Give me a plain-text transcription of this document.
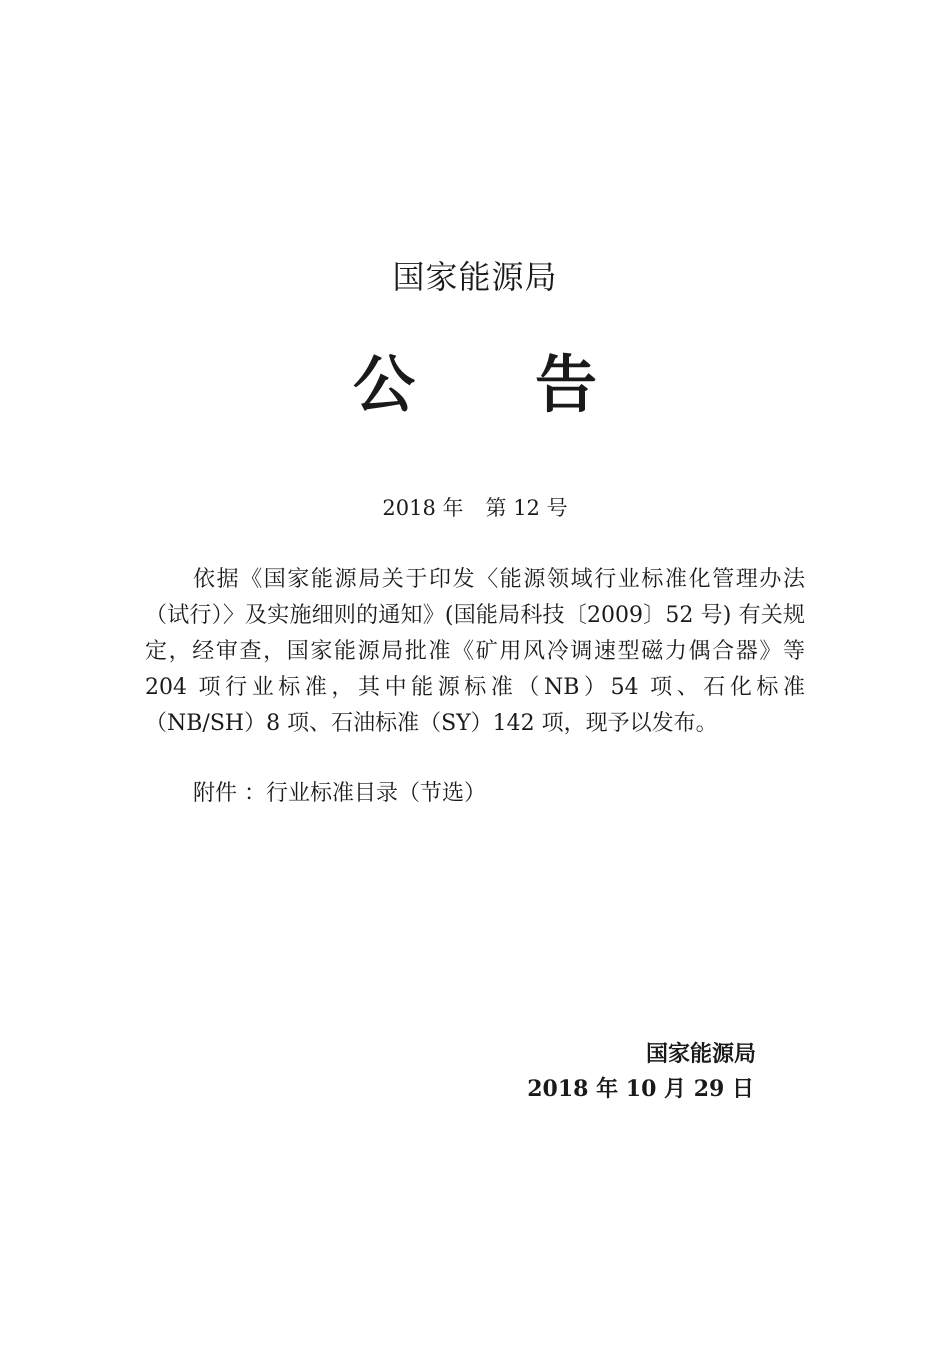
国家能源局
公告
2018 年 第 12 号

依据《国家能源局关于印发〈能源领域行业标准化管理办法（试行）〉及实施细则的通知》(国能局科技〔2009〕52 号) 有关规定，经审查，国家能源局批准《矿用风冷调速型磁力偶合器》等 204 项行业标准，其中能源标准（NB）54 项、石化标准（NB/SH）8 项、石油标准（SY）142 项，现予以发布。

附件 ：行业标准目录（节选）
国家能源局
2018 年 10 月 29 日
